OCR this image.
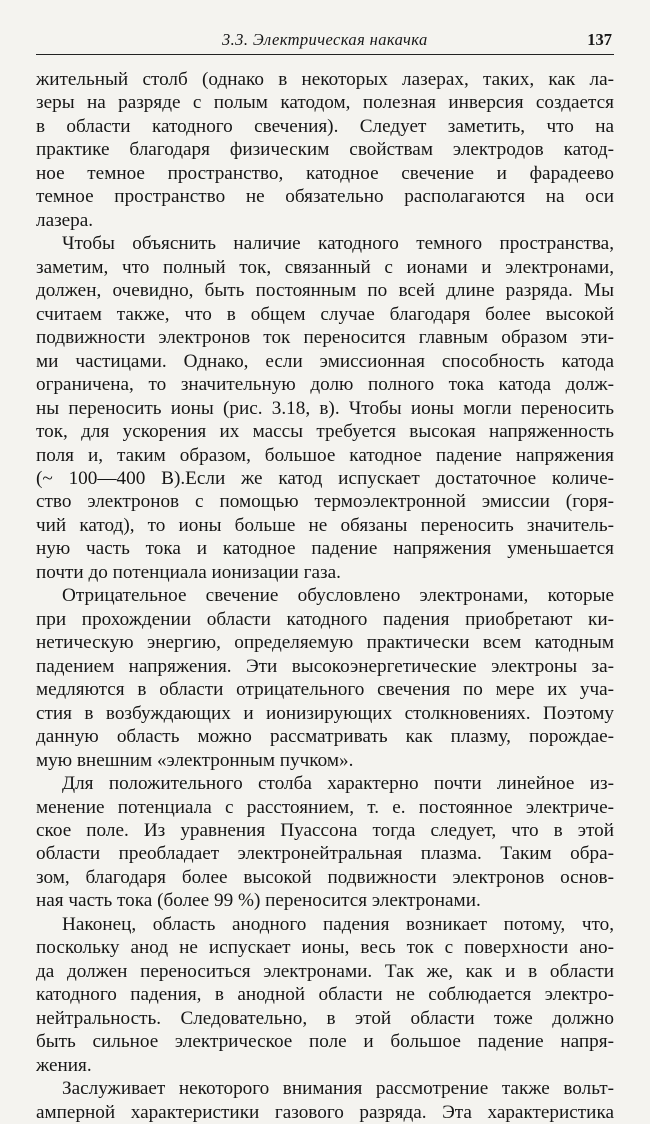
3.3. Электрическая накачка	137
жительный столб (однако в некоторых лазерах, таких, как ла-
зеры на разряде с полым катодом, полезная инверсия создается
в области катодного свечения). Следует заметить, что на
практике благодаря физическим свойствам электродов катод-
ное темное пространство, катодное свечение и фарадеево
темное пространство не обязательно располагаются на оси
лазера.
Чтобы объяснить наличие катодного темного пространства,
заметим, что полный ток, связанный с ионами и электронами,
должен, очевидно, быть постоянным по всей длине разряда. Мы
считаем также, что в общем случае благодаря более высокой
подвижности электронов ток переносится главным образом эти-
ми частицами. Однако, если эмиссионная способность катода
ограничена, то значительную долю полного тока катода долж-
ны переносить ионы (рис. 3.18, в). Чтобы ионы могли переносить
ток, для ускорения их массы требуется высокая напряженность
поля и, таким образом, большое катодное падение напряжения
(~ 100—400 В).Если же катод испускает достаточное количе-
ство электронов с помощью термоэлектронной эмиссии (горя-
чий катод), то ионы больше не обязаны переносить значитель-
ную часть тока и катодное падение напряжения уменьшается
почти до потенциала ионизации газа.
Отрицательное свечение обусловлено электронами, которые
при прохождении области катодного падения приобретают ки-
нетическую энергию, определяемую практически всем катодным
падением напряжения. Эти высокоэнергетические электроны за-
медляются в области отрицательного свечения по мере их уча-
стия в возбуждающих и ионизирующих столкновениях. Поэтому
данную область можно рассматривать как плазму, порождае-
мую внешним «электронным пучком».
Для положительного столба характерно почти линейное из-
менение потенциала с расстоянием, т. е. постоянное электриче-
ское поле. Из уравнения Пуассона тогда следует, что в этой
области преобладает электронейтральная плазма. Таким обра-
зом, благодаря более высокой подвижности электронов основ-
ная часть тока (более 99 %) переносится электронами.
Наконец, область анодного падения возникает потому, что,
поскольку анод не испускает ионы, весь ток с поверхности ано-
да должен переноситься электронами. Так же, как и в области
катодного падения, в анодной области не соблюдается электро-
нейтральность. Следовательно, в этой области тоже должно
быть сильное электрическое поле и большое падение напря-
жения.
Заслуживает некоторого внимания рассмотрение также вольт-
амперной характеристики газового разряда. Эта характеристика
